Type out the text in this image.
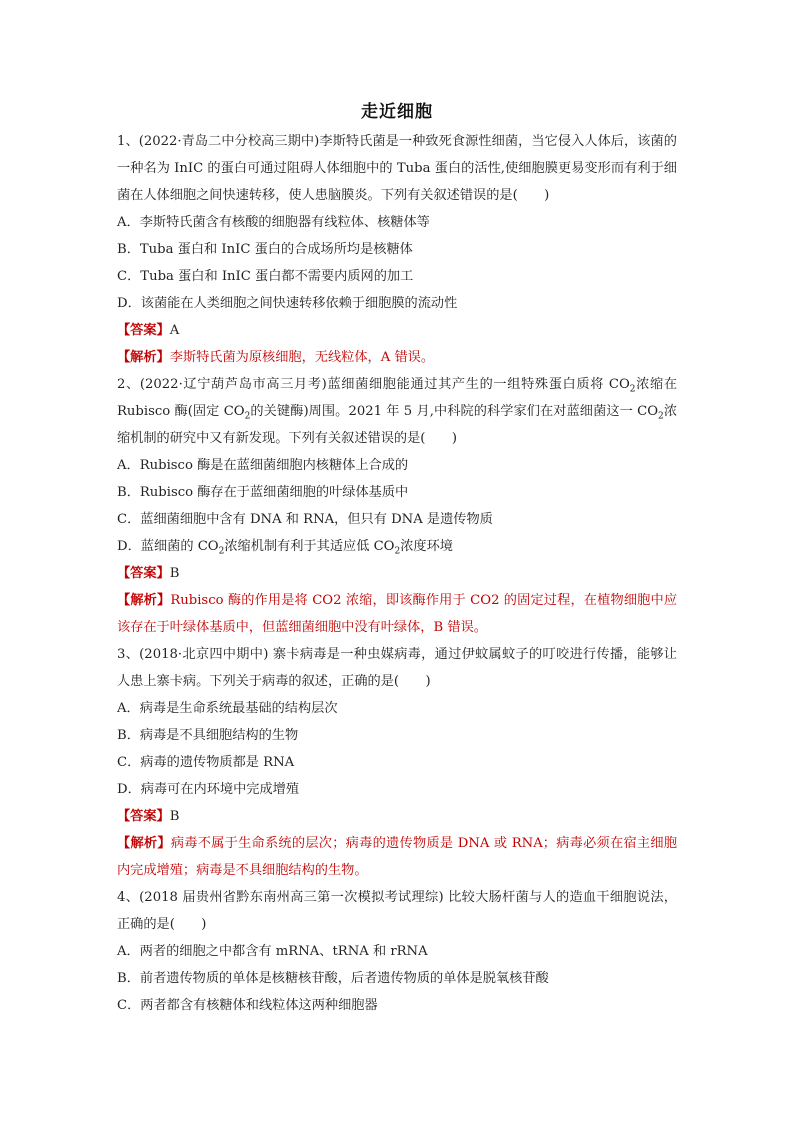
走近细胞

1、(2022·青岛二中分校高三期中)李斯特氏菌是一种致死食源性细菌，当它侵入人体后，该菌的一种名为 InIC 的蛋白可通过阻碍人体细胞中的 Tuba 蛋白的活性,使细胞膜更易变形而有利于细菌在人体细胞之间快速转移，使人患脑膜炎。下列有关叙述错误的是(　　)

A．李斯特氏菌含有核酸的细胞器有线粒体、核糖体等

B．Tuba 蛋白和 InIC 蛋白的合成场所均是核糖体

C．Tuba 蛋白和 InIC 蛋白都不需要内质网的加工

D．该菌能在人类细胞之间快速转移依赖于细胞膜的流动性

【答案】A

【解析】李斯特氏菌为原核细胞，无线粒体，A 错误。

2、(2022·辽宁葫芦岛市高三月考)蓝细菌细胞能通过其产生的一组特殊蛋白质将 $CO_2$浓缩在 Rubisco 酶(固定 $CO_2$的关键酶)周围。2021 年 5 月,中科院的科学家们在对蓝细菌这一 $CO_2$浓缩机制的研究中又有新发现。下列有关叙述错误的是(　　)

A．Rubisco 酶是在蓝细菌细胞内核糖体上合成的

B．Rubisco 酶存在于蓝细菌细胞的叶绿体基质中

C．蓝细菌细胞中含有 DNA 和 RNA，但只有 DNA 是遗传物质

D．蓝细菌的 $CO_2$浓缩机制有利于其适应低 $CO_2$浓度环境

【答案】B

【解析】Rubisco 酶的作用是将 CO2 浓缩，即该酶作用于 CO2 的固定过程，在植物细胞中应该存在于叶绿体基质中，但蓝细菌细胞中没有叶绿体，B 错误。

3、(2018·北京四中期中) 寨卡病毒是一种虫媒病毒，通过伊蚊属蚊子的叮咬进行传播，能够让人患上寨卡病。下列关于病毒的叙述，正确的是(　　)

A．病毒是生命系统最基础的结构层次

B．病毒是不具细胞结构的生物

C．病毒的遗传物质都是 RNA

D．病毒可在内环境中完成增殖

【答案】B

【解析】病毒不属于生命系统的层次；病毒的遗传物质是 DNA 或 RNA；病毒必须在宿主细胞内完成增殖；病毒是不具细胞结构的生物。

4、(2018 届贵州省黔东南州高三第一次模拟考试理综) 比较大肠杆菌与人的造血干细胞说法，正确的是(　　)

A．两者的细胞之中都含有 mRNA、tRNA 和 rRNA

B．前者遗传物质的单体是核糖核苷酸，后者遗传物质的单体是脱氧核苷酸

C．两者都含有核糖体和线粒体这两种细胞器
